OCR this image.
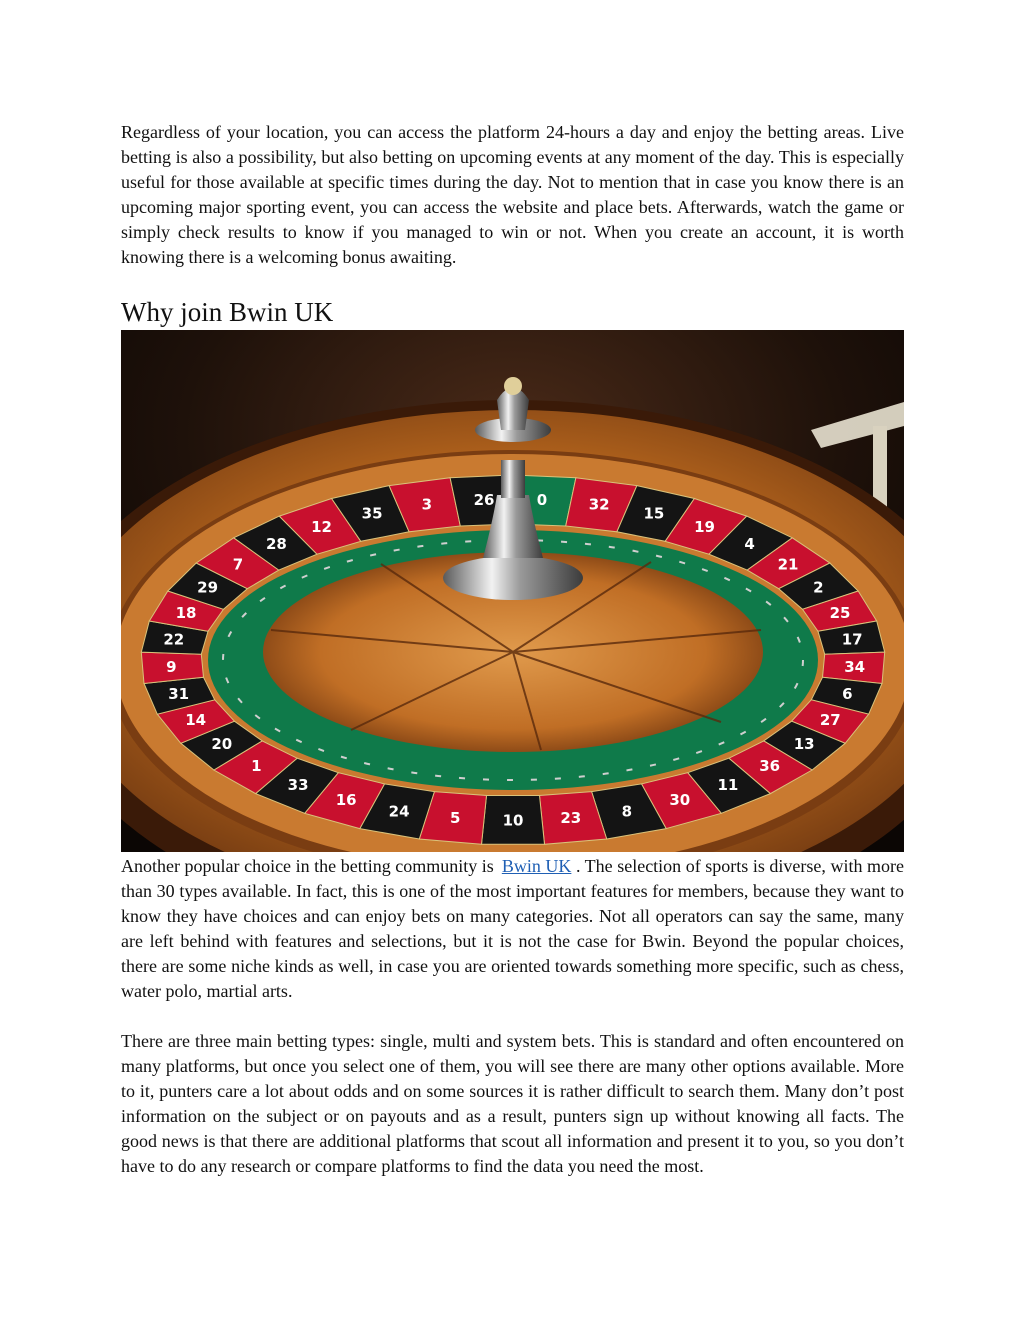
Regardless of your location, you can access the platform 24-hours a day and enjoy the betting areas. Live betting is also a possibility, but also betting on upcoming events at any moment of the day. This is especially useful for those available at specific times during the day. Not to mention that in case you know there is an upcoming major sporting event, you can access the website and place bets. Afterwards, watch the game or simply check results to know if you managed to win or not. When you create an account, it is worth knowing there is a welcoming bonus awaiting.

Why join Bwin UK
0	32 15
19
4
21
2
25
17
34
6
27
13
36
11
30
8
23
10
5
24
16
33
1
20
14
31
9
22
18
29
7
28
12
35	3	26

Another popular choice in the betting community is Bwin UK . The selection of sports is diverse, with more than 30 types available. In fact, this is one of the most important features for members, because they want to know they have choices and can enjoy bets on many categories. Not all operators can say the same, many are left behind with features and selections, but it is not the case for Bwin. Beyond the popular choices, there are some niche kinds as well, in case you are oriented towards something more specific, such as chess, water polo, martial arts.

There are three main betting types: single, multi and system bets. This is standard and often encountered on many platforms, but once you select one of them, you will see there are many other options available. More to it, punters care a lot about odds and on some sources it is rather difficult to search them. Many don’t post information on the subject or on payouts and as a result, punters sign up without knowing all facts. The good news is that there are additional platforms that scout all information and present it to you, so you don’t have to do any research or compare platforms to find the data you need the most.
